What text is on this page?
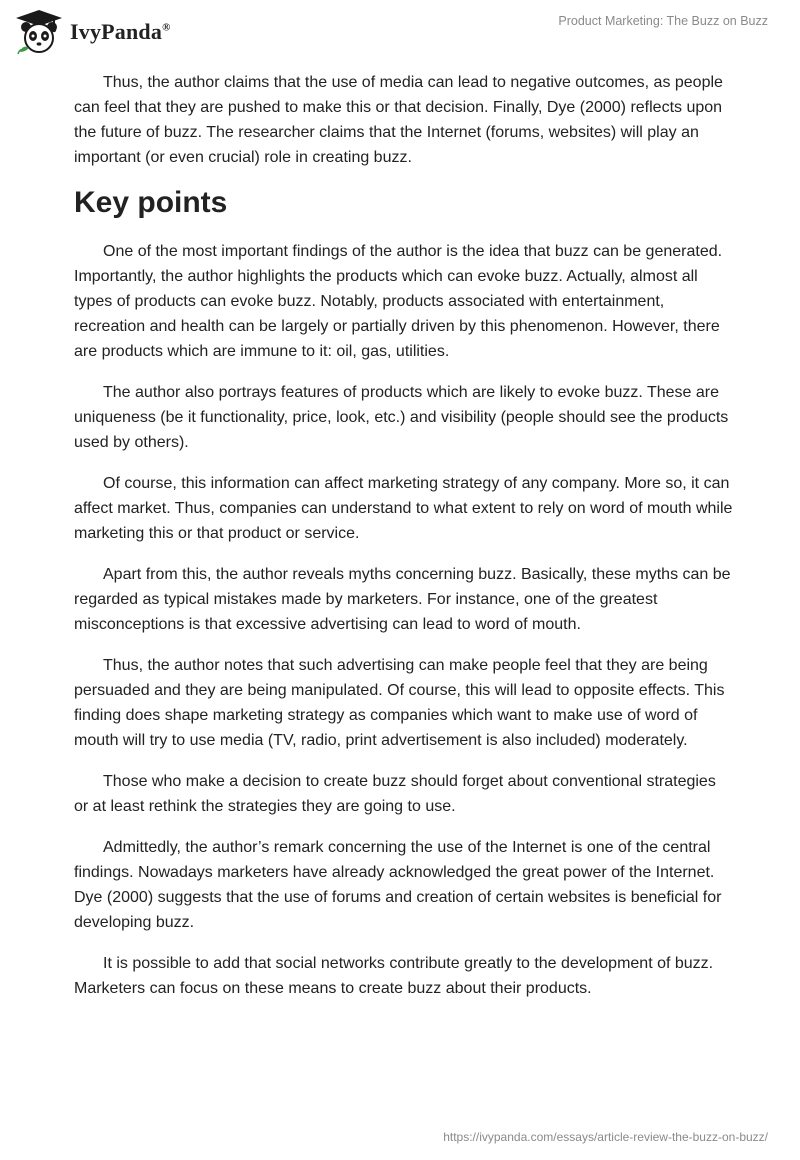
IvyPanda®	Product Marketing: The Buzz on Buzz

Thus, the author claims that the use of media can lead to negative outcomes, as people can feel that they are pushed to make this or that decision. Finally, Dye (2000) reflects upon the future of buzz. The researcher claims that the Internet (forums, websites) will play an important (or even crucial) role in creating buzz.

Key points

One of the most important findings of the author is the idea that buzz can be generated. Importantly, the author highlights the products which can evoke buzz. Actually, almost all types of products can evoke buzz. Notably, products associated with entertainment, recreation and health can be largely or partially driven by this phenomenon. However, there are products which are immune to it: oil, gas, utilities.

The author also portrays features of products which are likely to evoke buzz. These are uniqueness (be it functionality, price, look, etc.) and visibility (people should see the products used by others).

Of course, this information can affect marketing strategy of any company. More so, it can affect market. Thus, companies can understand to what extent to rely on word of mouth while marketing this or that product or service.

Apart from this, the author reveals myths concerning buzz. Basically, these myths can be regarded as typical mistakes made by marketers. For instance, one of the greatest misconceptions is that excessive advertising can lead to word of mouth.

Thus, the author notes that such advertising can make people feel that they are being persuaded and they are being manipulated. Of course, this will lead to opposite effects. This finding does shape marketing strategy as companies which want to make use of word of mouth will try to use media (TV, radio, print advertisement is also included) moderately.

Those who make a decision to create buzz should forget about conventional strategies or at least rethink the strategies they are going to use.

Admittedly, the author’s remark concerning the use of the Internet is one of the central findings. Nowadays marketers have already acknowledged the great power of the Internet. Dye (2000) suggests that the use of forums and creation of certain websites is beneficial for developing buzz.

It is possible to add that social networks contribute greatly to the development of buzz. Marketers can focus on these means to create buzz about their products.

https://ivypanda.com/essays/article-review-the-buzz-on-buzz/
